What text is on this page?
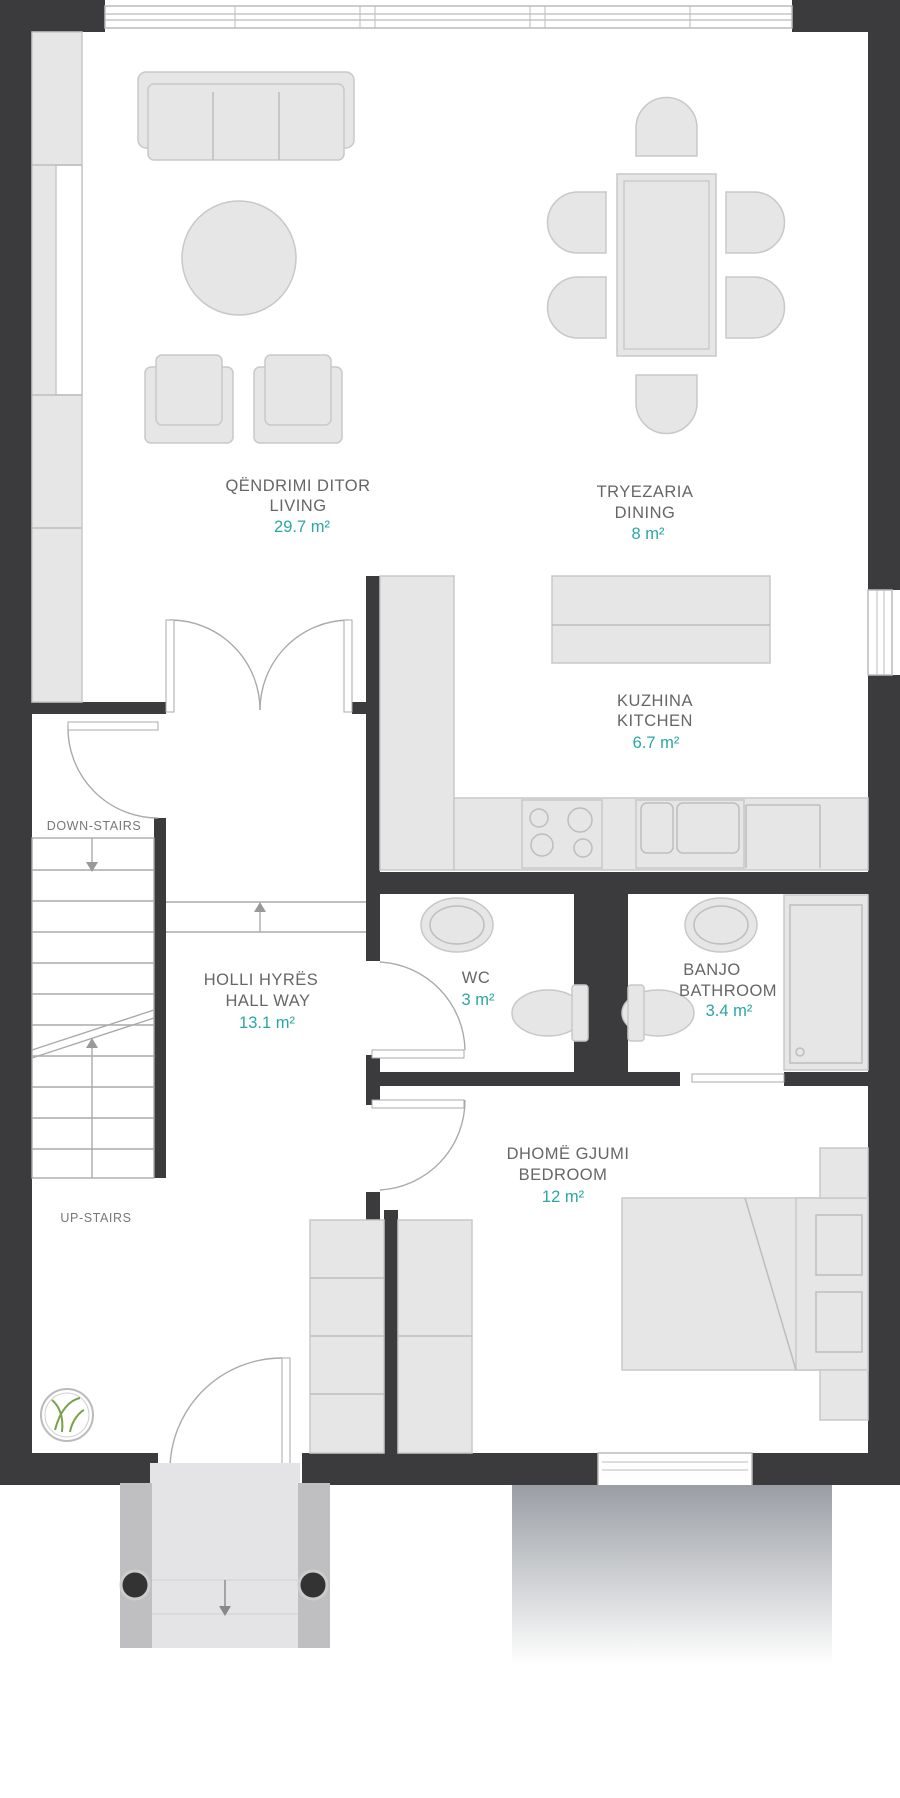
QËNDRIMI DITOR
LIVING
29.7 m²
TRYEZARIA
DINING
8 m²
KUZHINA
KITCHEN
6.7 m²
HOLLI HYRËS
HALL WAY
13.1 m²
WC
3 m²
BANJO
BATHROOM
3.4 m²
DHOMË GJUMI
BEDROOM
12 m²
DOWN-STAIRS
UP-STAIRS
